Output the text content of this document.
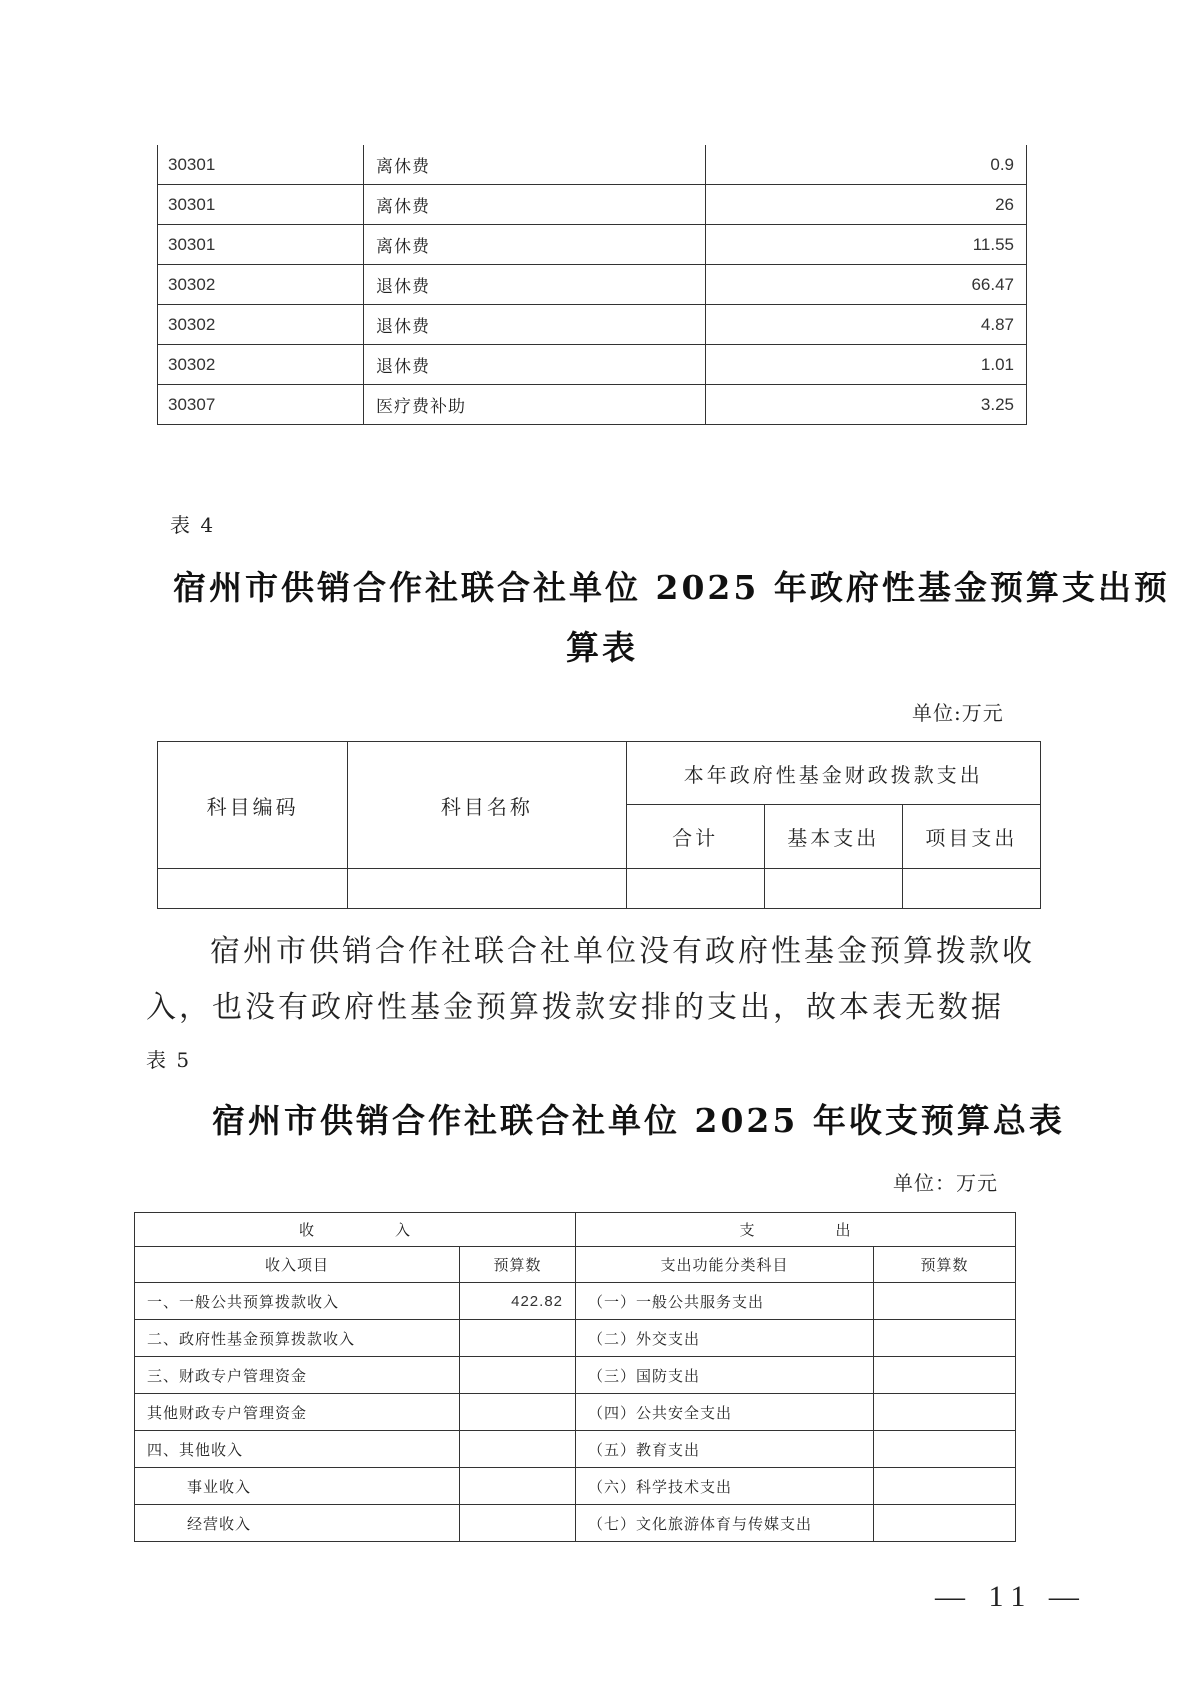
30301	离休费	0.9
30301	离休费	26
30301	离休费	11.55
30302	退休费	66.47
30302	退休费	4.87
30302	退休费	1.01
30307	医疗费补助	3.25
表 4
宿州市供销合作社联合社单位 2025 年政府性基金预算支出预
算表
单位:万元
科目编码	科目名称	本年政府性基金财政拨款支出		
		合计	基本支出	项目支出

宿州市供销合作社联合社单位没有政府性基金预算拨款收
入，也没有政府性基金预算拨款安排的支出，故本表无数据
表 5
宿州市供销合作社联合社单位 2025 年收支预算总表
单位：万元
收　　　　　入		支　　　　　出	
收入项目	预算数	支出功能分类科目	预算数
一、一般公共预算拨款收入	422.82	（一）一般公共服务支出	
二、政府性基金预算拨款收入		（二）外交支出	
三、财政专户管理资金		（三）国防支出	
其他财政专户管理资金		（四）公共安全支出	
四、其他收入		（五）教育支出	
事业收入		（六）科学技术支出	
经营收入		（七）文化旅游体育与传媒支出	
— 11 —
